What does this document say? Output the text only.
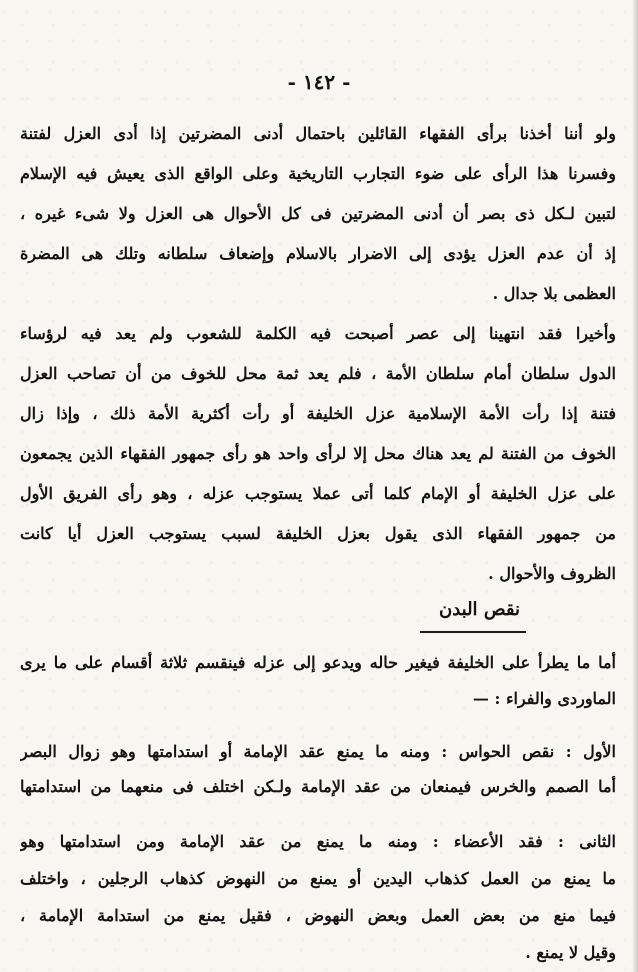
- ١٤٢ -
ولو أننا أخذنا برأى الفقهاء القائلين باحتمال أدنى المضرتين إذا أدى العزل لفتنة
وفسرنا هذا الرأى على ضوء التجارب التاريخية وعلى الواقع الذى يعيش فيه الإسلام
لتبين لـكل ذى بصر أن أدنى المضرتين فى كل الأحوال هى العزل ولا شىء غيره ،
إذ أن عدم العزل يؤدى إلى الاضرار بالاسلام وإضعاف سلطانه وتلك هى المضرة
العظمى بلا جدال .
وأخيرا فقد انتهينا إلى عصر أصبحت فيه الكلمة للشعوب ولم يعد فيه لرؤساء
الدول سلطان أمام سلطان الأمة ، فلم يعد ثمة محل للخوف من أن تصاحب العزل
فتنة إذا رأت الأمة الإسلامية عزل الخليفة أو رأت أكثرية الأمة ذلك ، وإذا زال
الخوف من الفتنة لم يعد هناك محل إلا لرأى واحد هو رأى جمهور الفقهاء الذين يجمعون
على عزل الخليفة أو الإمام كلما أتى عملا يستوجب عزله ، وهو رأى الفريق الأول
من جمهور الفقهاء الذى يقول بعزل الخليفة لسبب يستوجب العزل أيا كانت
الظروف والأحوال .
نقص البدن
أما ما يطرأ على الخليفة فيغير حاله ويدعو إلى عزله فينقسم ثلاثة أقسام على ما يرى
الماوردى والفراء : —
الأول : نقص الحواس : ومنه ما يمنع عقد الإمامة أو استدامتها وهو زوال البصر
أما الصمم والخرس فيمنعان من عقد الإمامة ولـكن اختلف فى منعهما من استدامتها
الثانى : فقد الأعضاء : ومنه ما يمنع من عقد الإمامة ومن استدامتها وهو
ما يمنع من العمل كذهاب اليدين أو يمنع من النهوض كذهاب الرجلين ، واختلف
فيما منع من بعض العمل وبعض النهوض ، فقيل يمنع من استدامة الإمامة ،
وقيل لا يمنع .
